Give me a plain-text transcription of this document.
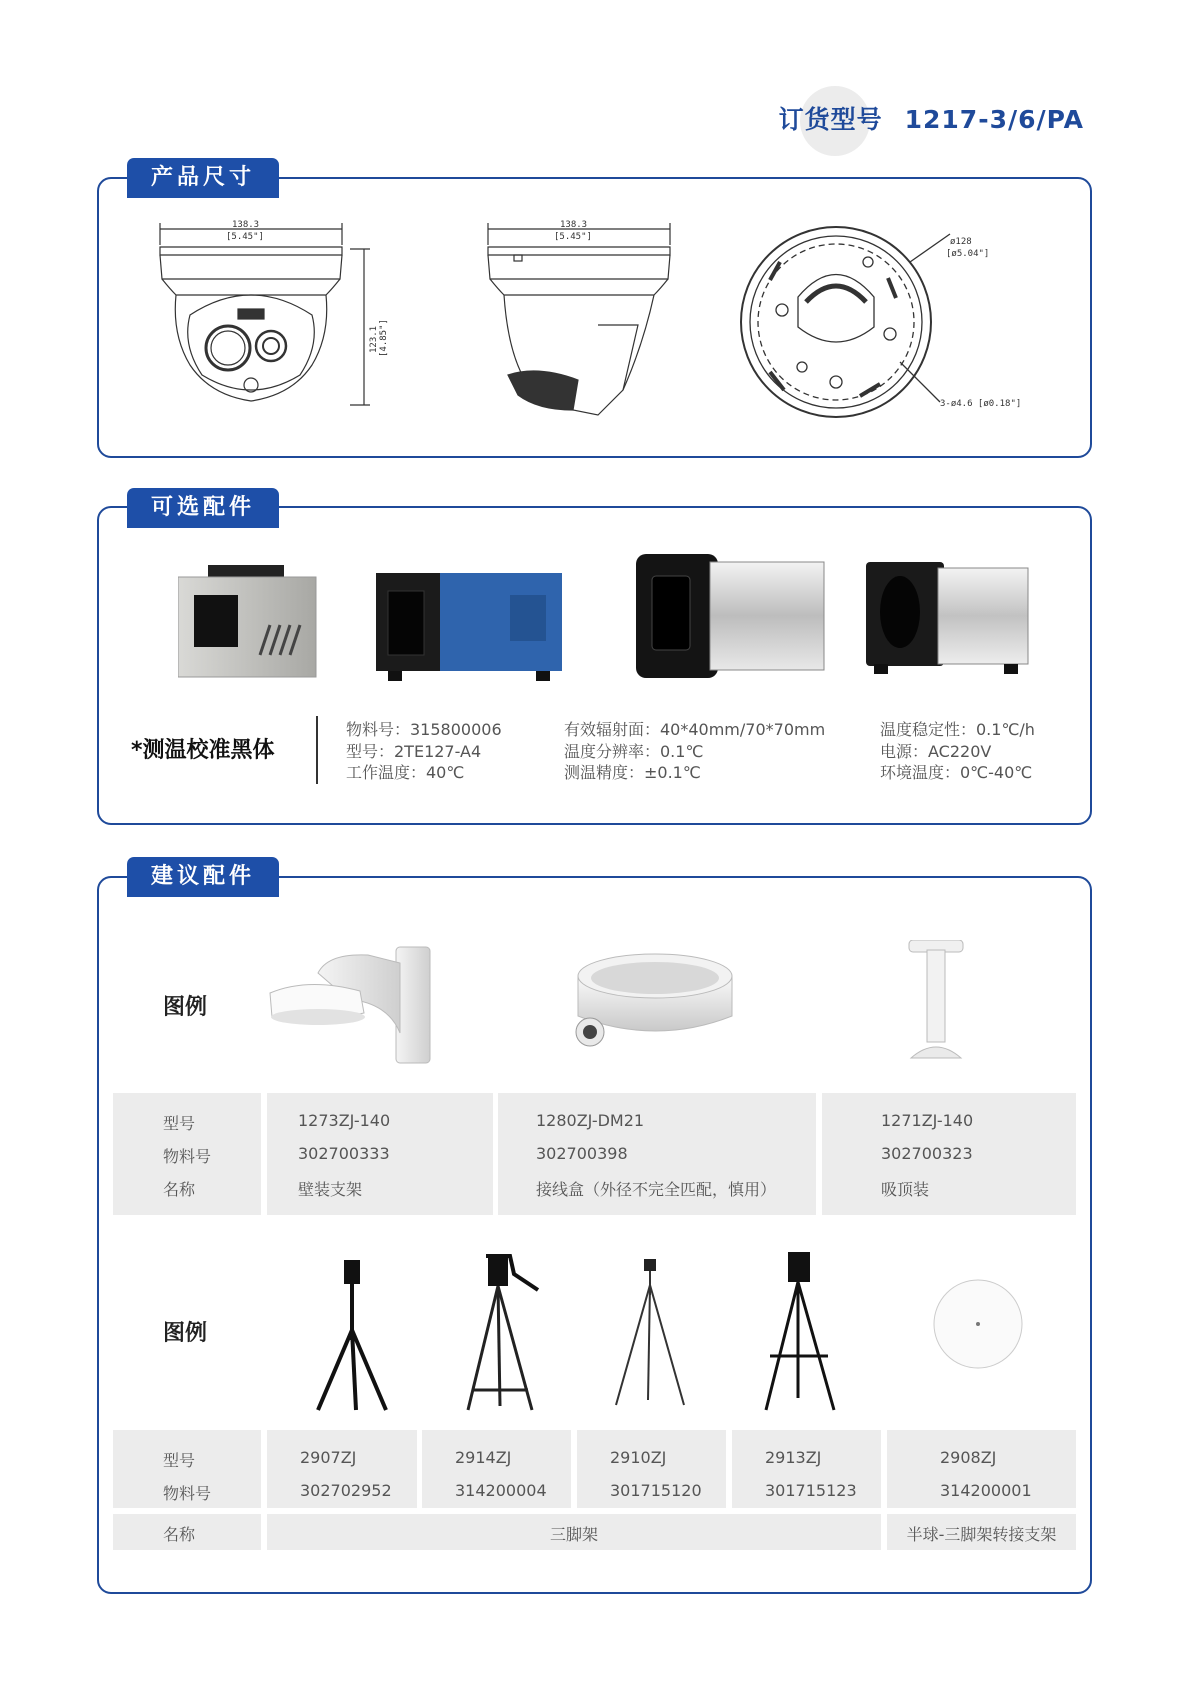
订货型号 1217-3/6/PA
产品尺寸
138.3
[5.45"]
123.1 [4.85"]
138.3
[5.45"]	ø128
[ø5.04"]
3-ø4.6 [ø0.18"]
可选配件
*测温校准黑体
物料号：315800006
型号：2TE127-A4
工作温度：40℃
有效辐射面：40*40mm/70*70mm
温度分辨率：0.1℃
测温精度：±0.1℃
温度稳定性：0.1℃/h
电源：AC220V
环境温度：0℃-40℃
建议配件
图例
型号
物料号
名称
1273ZJ-140
302700333
壁装支架
1280ZJ-DM21
302700398
接线盒（外径不完全匹配，慎用）
1271ZJ-140
302700323
吸顶装
图例
型号
物料号
名称
2907ZJ
302702952
2914ZJ
314200004
2910ZJ
301715120
2913ZJ
301715123
2908ZJ
314200001
三脚架	半球-三脚架转接支架
